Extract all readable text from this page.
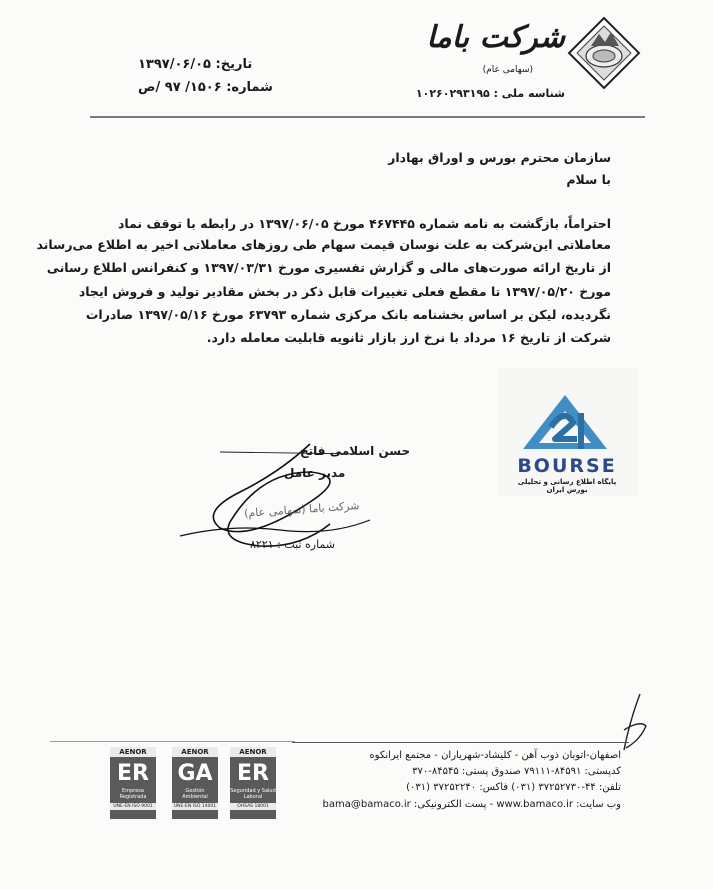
شرکت باما
(سهامی عام)
شناسه ملی : ۱۰۲۶۰۲۹۳۱۹۵
تاریخ: ۱۳۹۷/۰۶/۰۵
شماره: ۱۵۰۶/ ۹۷ /ص
سازمان محترم بورس و اوراق بهادار
با سلام
احتراماً، بازگشت به نامه شماره ۴۶۷۴۴۵ مورخ ۱۳۹۷/۰۶/۰۵ در رابطه با توقف نماد
معاملاتی این‌شرکت به علت نوسان قیمت سهام طی روزهای معاملاتی اخیر به اطلاع می‌رساند
از تاریخ ارائه صورت‌های مالی و گزارش تفسیری مورخ ۱۳۹۷/۰۳/۳۱ و کنفرانس اطلاع رسانی
مورخ ۱۳۹۷/۰۵/۲۰ تا مقطع فعلی تغییرات قابل ذکر در بخش مقادیر تولید و فروش ایجاد
نگردیده، لیکن بر اساس بخشنامه بانک مرکزی شماره ۶۳۷۹۳ مورخ ۱۳۹۷/۰۵/۱۶ صادرات
شرکت از تاریخ ۱۶ مرداد با نرخ ارز بازار ثانویه قابلیت معامله دارد.
BOURSE
پایگاه اطلاع رسانی و تحلیلی بورس ایران
حسن اسلامی فاتح
مدیر عامل
شرکت باما (سهامی عام)
شماره ثبت : ۸۲۲۱
اصفهان-اتوبان ذوب آهن - کلیشاد-شهریاران - مجتمع ایرانکوه
کدپستی: ۸۴۵۹۱-۷۹۱۱۱ صندوق پستی: ۸۴۵۴۵-۳۷۰
تلفن: ۴۴-۳۷۲۵۲۷۳۰ (۰۳۱) فاکس: ۳۷۲۵۲۲۴۰ (۰۳۱)
وب سایت: www.bamaco.ir - پست الکترونیکی: bama@bamaco.ir
AENOR
ER
Empresa Registrada
UNE-EN ISO 9001
AENOR
GA
Gestión Ambiental
UNE-EN ISO 14001
AENOR
ER
Seguridad y Salud Laboral
OHSAS 18001
